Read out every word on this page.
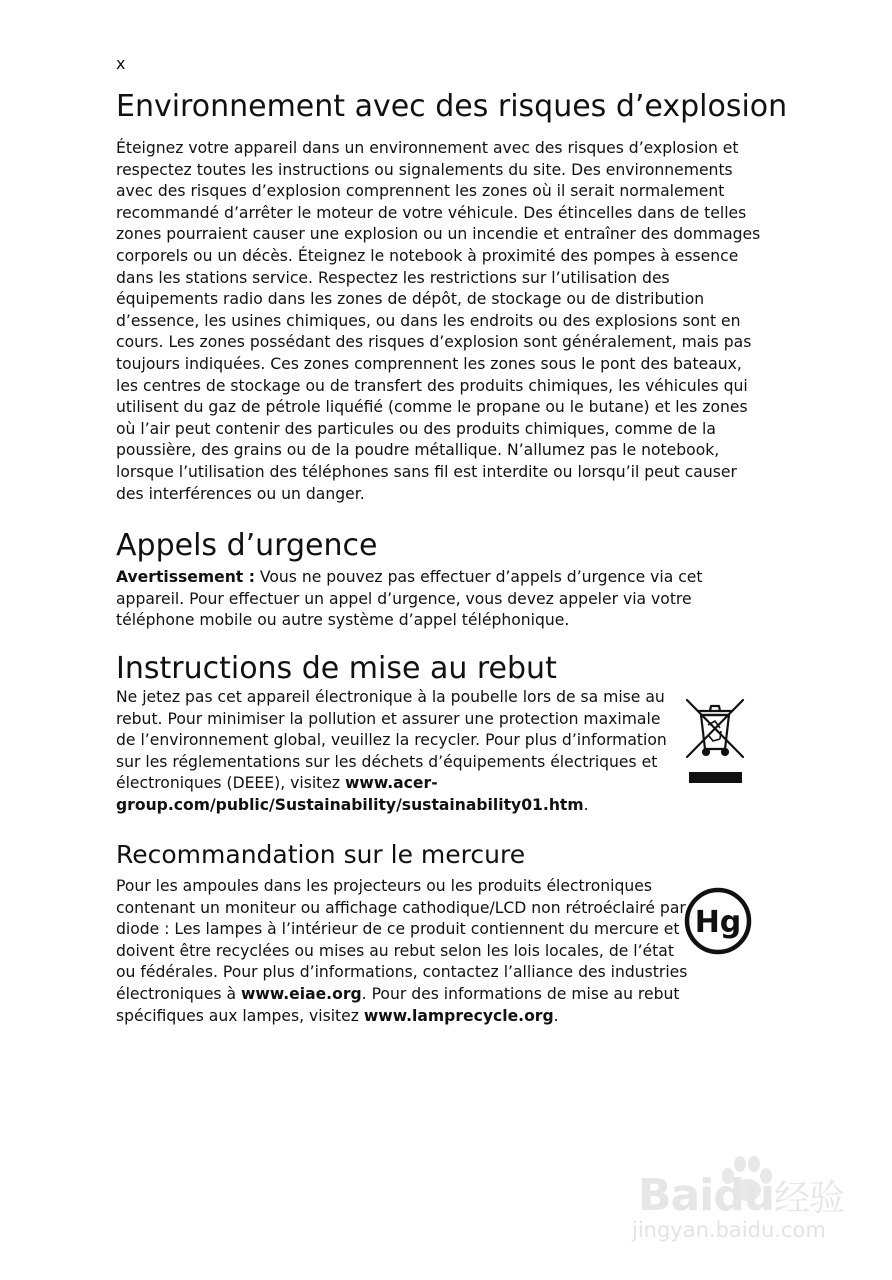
x
Environnement avec des risques d’explosion

Éteignez votre appareil dans un environnement avec des risques d’explosion et respectez toutes les instructions ou signalements du site. Des environnements avec des risques d’explosion comprennent les zones où il serait normalement recommandé d’arrêter le moteur de votre véhicule. Des étincelles dans de telles zones pourraient causer une explosion ou un incendie et entraîner des dommages corporels ou un décès. Éteignez le notebook à proximité des pompes à essence dans les stations service. Respectez les restrictions sur l’utilisation des équipements radio dans les zones de dépôt, de stockage ou de distribution d’essence, les usines chimiques, ou dans les endroits ou des explosions sont en cours. Les zones possédant des risques d’explosion sont généralement, mais pas toujours indiquées. Ces zones comprennent les zones sous le pont des bateaux, les centres de stockage ou de transfert des produits chimiques, les véhicules qui utilisent du gaz de pétrole liquéfié (comme le propane ou le butane) et les zones où l’air peut contenir des particules ou des produits chimiques, comme de la poussière, des grains ou de la poudre métallique. N’allumez pas le notebook, lorsque l’utilisation des téléphones sans fil est interdite ou lorsqu’il peut causer des interférences ou un danger.

Appels d’urgence

Avertissement : Vous ne pouvez pas effectuer d’appels d’urgence via cet appareil. Pour effectuer un appel d’urgence, vous devez appeler via votre téléphone mobile ou autre système d’appel téléphonique.

Instructions de mise au rebut

Ne jetez pas cet appareil électronique à la poubelle lors de sa mise au rebut. Pour minimiser la pollution et assurer une protection maximale de l’environnement global, veuillez la recycler. Pour plus d’information sur les réglementations sur les déchets d’équipements électriques et électroniques (DEEE), visitez www.acer-group.com/public/Sustainability/sustainability01.htm.

Recommandation sur le mercure

Pour les ampoules dans les projecteurs ou les produits électroniques contenant un moniteur ou affichage cathodique/LCD non rétroéclairé par diode : Les lampes à l’intérieur de ce produit contiennent du mercure et doivent être recyclées ou mises au rebut selon les lois locales, de l’état ou fédérales. Pour plus d’informations, contactez l’alliance des industries électroniques à www.eiae.org. Pour des informations de mise au rebut spécifiques aux lampes, visitez www.lamprecycle.org.

Hg
Baidu经验
jingyan.baidu.com
